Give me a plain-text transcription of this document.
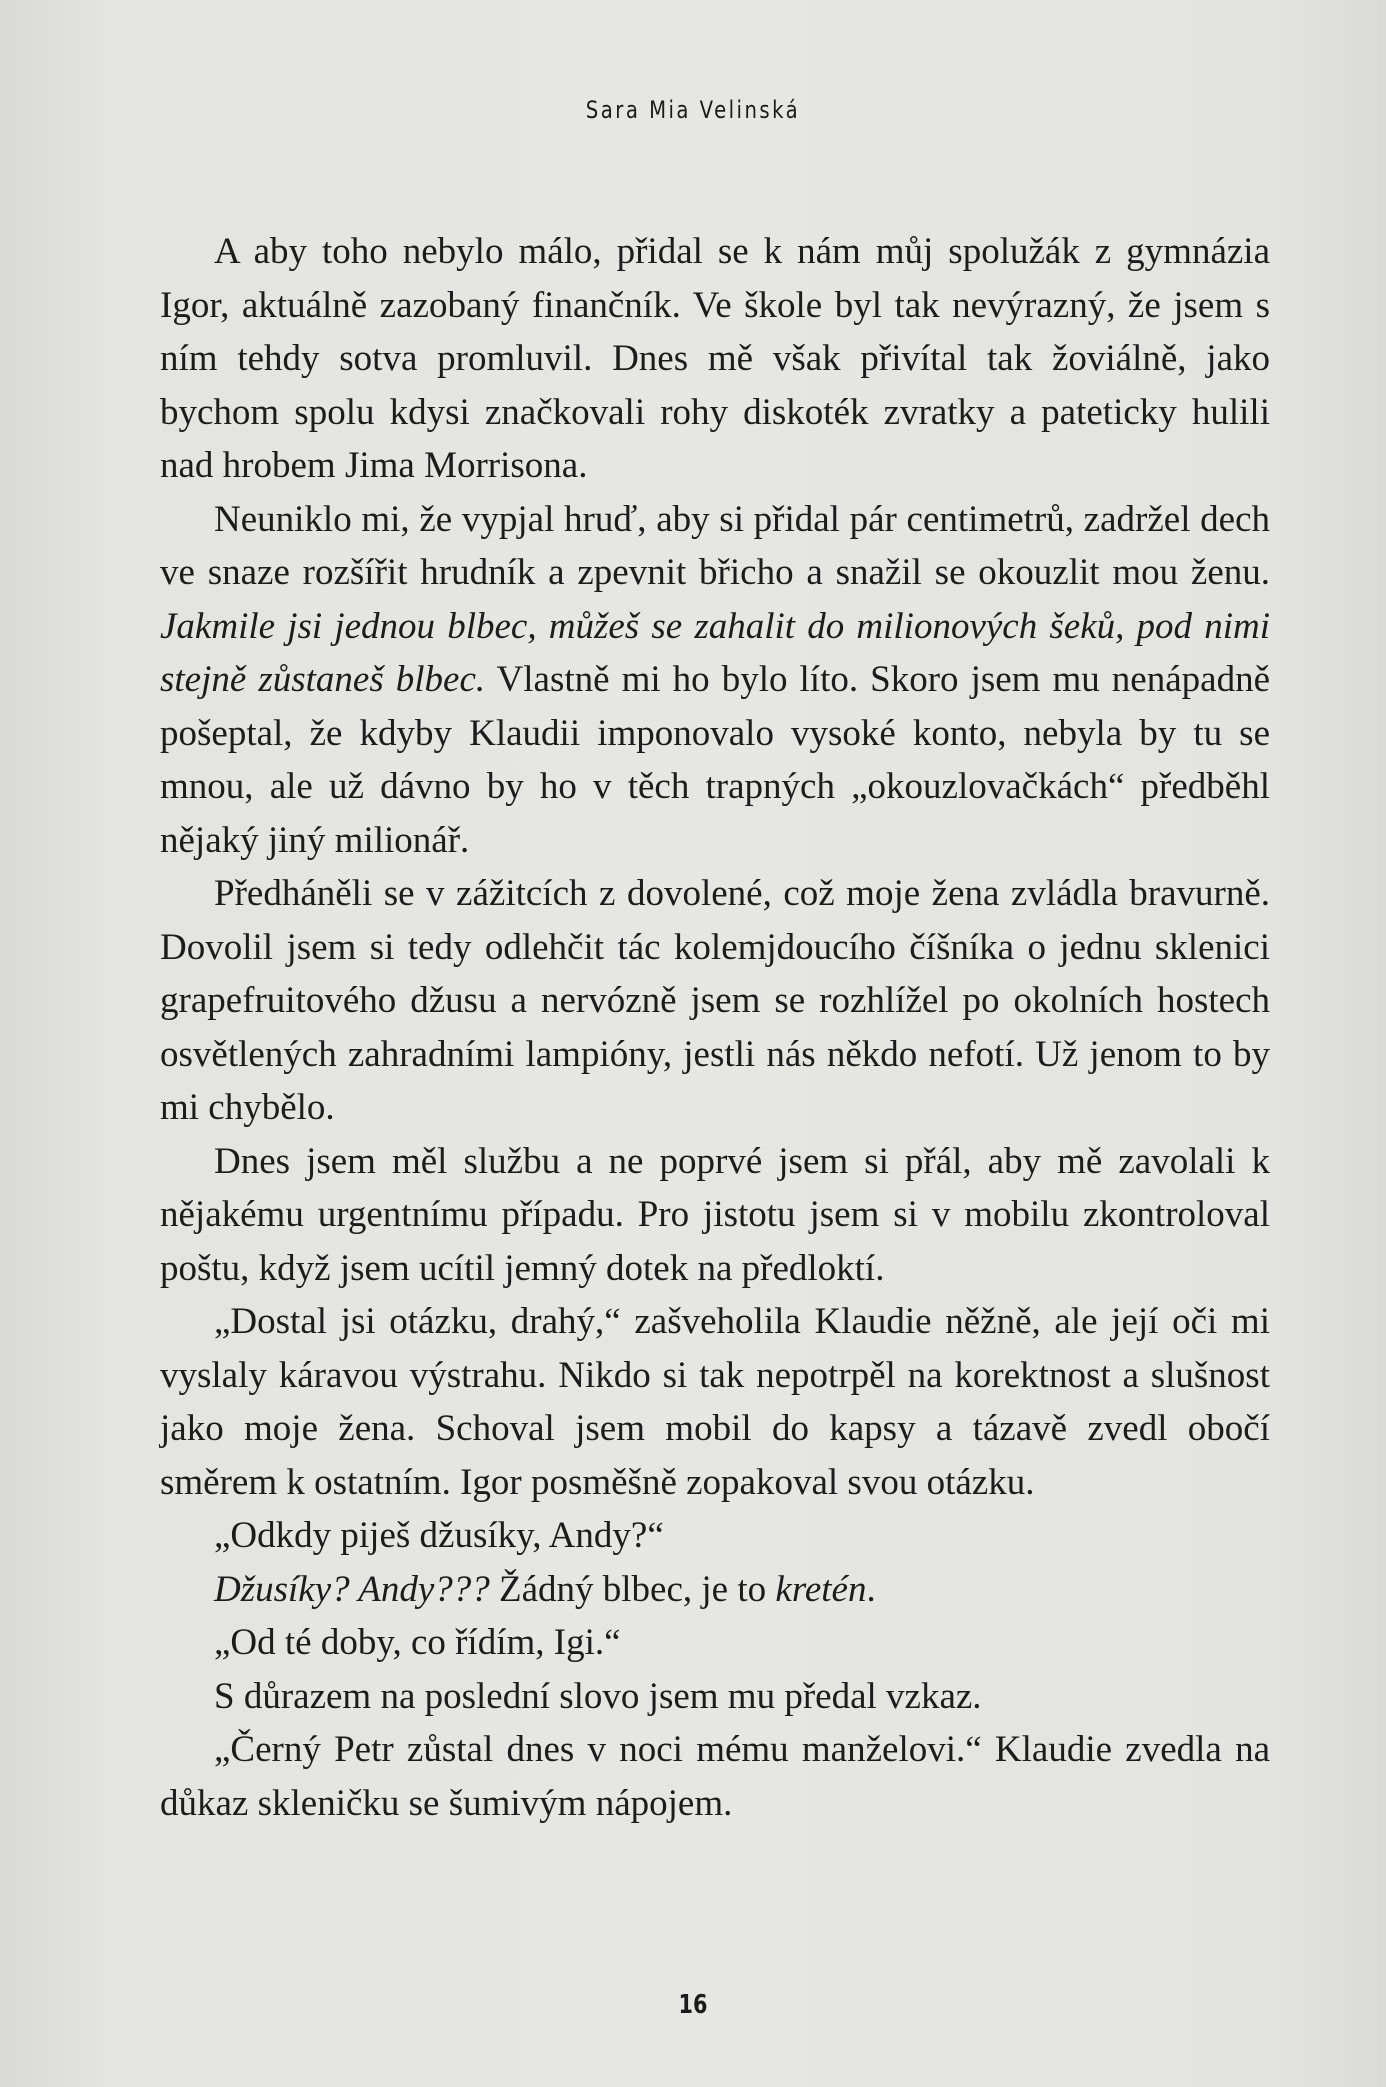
Sara Mia Velinská

A aby toho nebylo málo, přidal se k nám můj spolužák z gymnázia Igor, aktuálně zazobaný finančník. Ve škole byl tak nevýrazný, že jsem s ním tehdy sotva promluvil. Dnes mě však přivítal tak žoviálně, jako bychom spolu kdysi značkovali rohy diskoték zvratky a pateticky hulili nad hrobem Jima Morrisona.

Neuniklo mi, že vypjal hruď, aby si přidal pár centimetrů, zadržel dech ve snaze rozšířit hrudník a zpevnit břicho a snažil se okouzlit mou ženu. Jakmile jsi jednou blbec, můžeš se zahalit do milionových šeků, pod nimi stejně zůstaneš blbec. Vlastně mi ho bylo líto. Skoro jsem mu nenápadně pošeptal, že kdyby Klaudii imponovalo vysoké konto, nebyla by tu se mnou, ale už dávno by ho v těch trapných „okouzlovačkách“ předběhl nějaký jiný milionář.

Předháněli se v zážitcích z dovolené, což moje žena zvládla bravurně. Dovolil jsem si tedy odlehčit tác kolemjdoucího číšníka o jednu sklenici grapefruitového džusu a nervózně jsem se rozhlížel po okolních hostech osvětlených zahradními lampióny, jestli nás někdo nefotí. Už jenom to by mi chybělo.

Dnes jsem měl službu a ne poprvé jsem si přál, aby mě zavolali k nějakému urgentnímu případu. Pro jistotu jsem si v mobilu zkontroloval poštu, když jsem ucítil jemný dotek na předloktí.

„Dostal jsi otázku, drahý,“ zašveholila Klaudie něžně, ale její oči mi vyslaly káravou výstrahu. Nikdo si tak nepotrpěl na korektnost a slušnost jako moje žena. Schoval jsem mobil do kapsy a tázavě zvedl obočí směrem k ostatním. Igor posměšně zopakoval svou otázku.

„Odkdy piješ džusíky, Andy?“

Džusíky? Andy??? Žádný blbec, je to kretén.

„Od té doby, co řídím, Igi.“

S důrazem na poslední slovo jsem mu předal vzkaz.

„Černý Petr zůstal dnes v noci mému manželovi.“ Klaudie zvedla na důkaz skleničku se šumivým nápojem.

16
